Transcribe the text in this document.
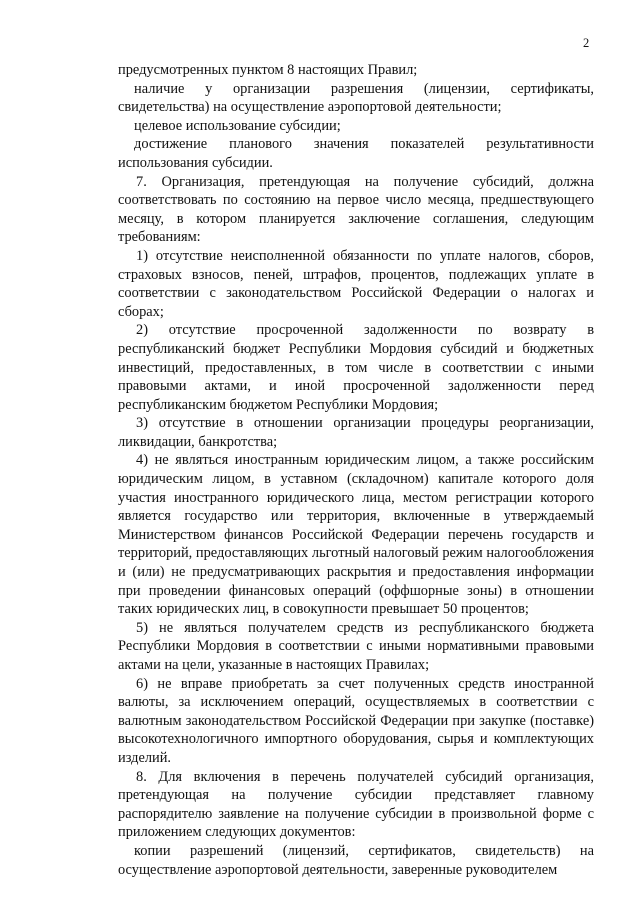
2

предусмотренных пунктом 8 настоящих Правил;

наличие у организации разрешения (лицензии, сертификаты, свидетельства) на осуществление аэропортовой деятельности;

целевое использование субсидии;

достижение планового значения показателей результативности использования субсидии.

7. Организация, претендующая на получение субсидий, должна соответствовать по состоянию на первое число месяца, предшествующего месяцу, в котором планируется заключение соглашения, следующим требованиям:

1) отсутствие неисполненной обязанности по уплате налогов, сборов, страховых взносов, пеней, штрафов, процентов, подлежащих уплате в соответствии с законодательством Российской Федерации о налогах и сборах;

2) отсутствие просроченной задолженности по возврату в республиканский бюджет Республики Мордовия субсидий и бюджетных инвестиций, предоставленных, в том числе в соответствии с иными правовыми актами, и иной просроченной задолженности перед республиканским бюджетом Республики Мордовия;

3) отсутствие в отношении организации процедуры реорганизации, ликвидации, банкротства;

4) не являться иностранным юридическим лицом, а также российским юридическим лицом, в уставном (складочном) капитале которого доля участия иностранного юридического лица, местом регистрации которого является государство или территория, включенные в утверждаемый Министерством финансов Российской Федерации перечень государств и территорий, предоставляющих льготный налоговый режим налогообложения и (или) не предусматривающих раскрытия и предоставления информации при проведении финансовых операций (оффшорные зоны) в отношении таких юридических лиц, в совокупности превышает 50 процентов;

5) не являться получателем средств из республиканского бюджета Республики Мордовия в соответствии с иными нормативными правовыми актами на цели, указанные в настоящих Правилах;

6) не вправе приобретать за счет полученных средств иностранной валюты, за исключением операций, осуществляемых в соответствии с валютным законодательством Российской Федерации при закупке (поставке) высокотехнологичного импортного оборудования, сырья и комплектующих изделий.

8. Для включения в перечень получателей субсидий организация, претендующая на получение субсидии представляет главному распорядителю заявление на получение субсидии в произвольной форме с приложением следующих документов:

копии разрешений (лицензий, сертификатов, свидетельств) на осуществление аэропортовой деятельности, заверенные руководителем
